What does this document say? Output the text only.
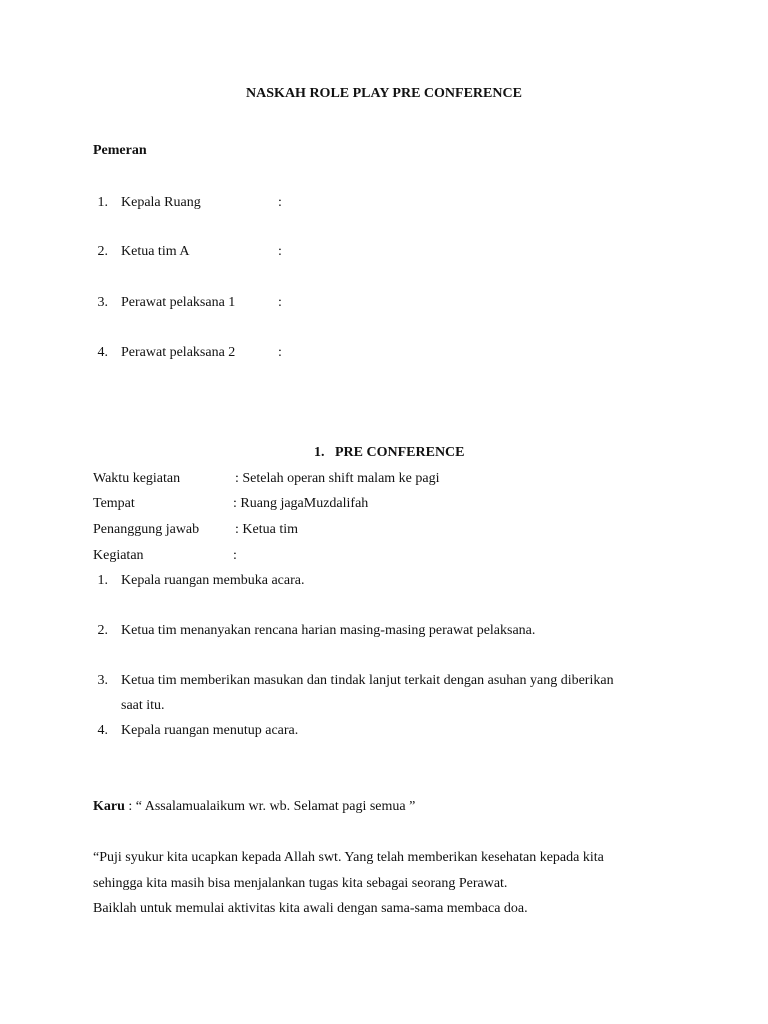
NASKAH ROLE PLAY PRE CONFERENCE
Pemeran
1. Kepala Ruang	:
2. Ketua tim A	:
3. Perawat pelaksana 1	:
4. Perawat pelaksana 2	:
1.   PRE CONFERENCE
Waktu kegiatan	: Setelah operan shift malam ke pagi
Tempat	: Ruang jagaMuzdalifah
Penanggung jawab	: Ketua tim
Kegiatan	:
1. Kepala ruangan membuka acara.
2. Ketua tim menanyakan rencana harian masing-masing perawat pelaksana.
3. Ketua tim memberikan masukan dan tindak lanjut terkait dengan asuhan yang diberikan
saat itu.
4. Kepala ruangan menutup acara.
Karu : “ Assalamualaikum wr. wb. Selamat pagi semua ”
“Puji syukur kita ucapkan kepada Allah swt. Yang telah memberikan kesehatan kepada kita
sehingga kita masih bisa menjalankan tugas kita sebagai seorang Perawat.
Baiklah untuk memulai aktivitas kita awali dengan sama-sama membaca doa.
